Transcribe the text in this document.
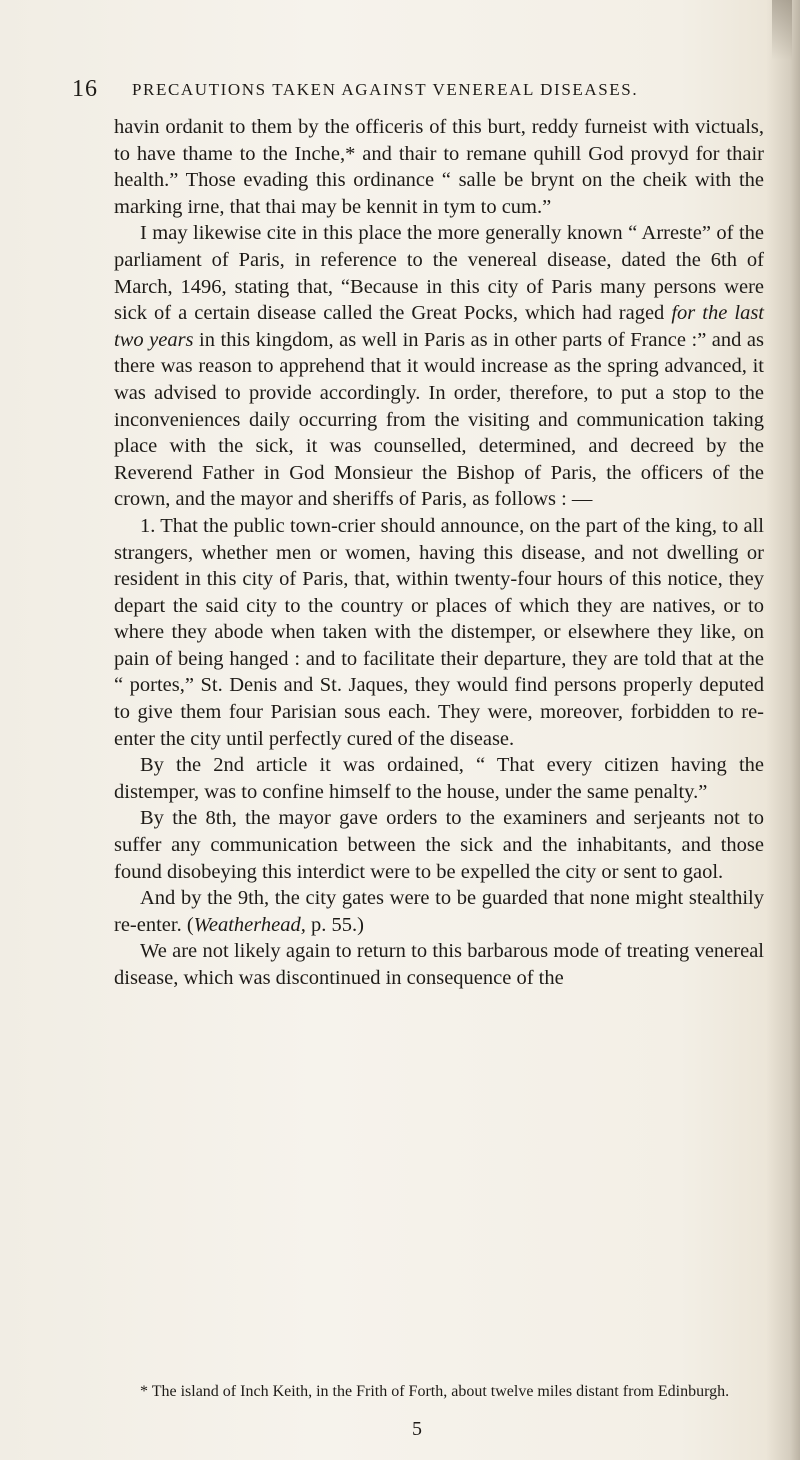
16 PRECAUTIONS TAKEN AGAINST VENEREAL DISEASES.

havin ordanit to them by the officeris of this burt, reddy furneist with victuals, to have thame to the Inche,* and thair to remane quhill God provyd for thair health.” Those evading this ordinance “ salle be brynt on the cheik with the marking irne, that thai may be kennit in tym to cum.”

I may likewise cite in this place the more generally known “ Arreste” of the parliament of Paris, in reference to the venereal disease, dated the 6th of March, 1496, stating that, “Because in this city of Paris many persons were sick of a certain disease called the Great Pocks, which had raged for the last two years in this kingdom, as well in Paris as in other parts of France :” and as there was reason to apprehend that it would increase as the spring advanced, it was advised to provide accordingly. In order, therefore, to put a stop to the inconveniences daily occurring from the visiting and communication taking place with the sick, it was counselled, determined, and decreed by the Reverend Father in God Monsieur the Bishop of Paris, the officers of the crown, and the mayor and sheriffs of Paris, as follows : —

1. That the public town-crier should announce, on the part of the king, to all strangers, whether men or women, having this disease, and not dwelling or resident in this city of Paris, that, within twenty-four hours of this notice, they depart the said city to the country or places of which they are natives, or to where they abode when taken with the distemper, or elsewhere they like, on pain of being hanged : and to facilitate their departure, they are told that at the “ portes,” St. Denis and St. Jaques, they would find persons properly deputed to give them four Parisian sous each. They were, moreover, forbidden to re-enter the city until perfectly cured of the disease.

By the 2nd article it was ordained, “ That every citizen having the distemper, was to confine himself to the house, under the same penalty.”

By the 8th, the mayor gave orders to the examiners and serjeants not to suffer any communication between the sick and the inhabitants, and those found disobeying this interdict were to be expelled the city or sent to gaol.

And by the 9th, the city gates were to be guarded that none might stealthily re-enter. (Weatherhead, p. 55.)

We are not likely again to return to this barbarous mode of treating venereal disease, which was discontinued in consequence of the

* The island of Inch Keith, in the Frith of Forth, about twelve miles distant from Edinburgh.

5
